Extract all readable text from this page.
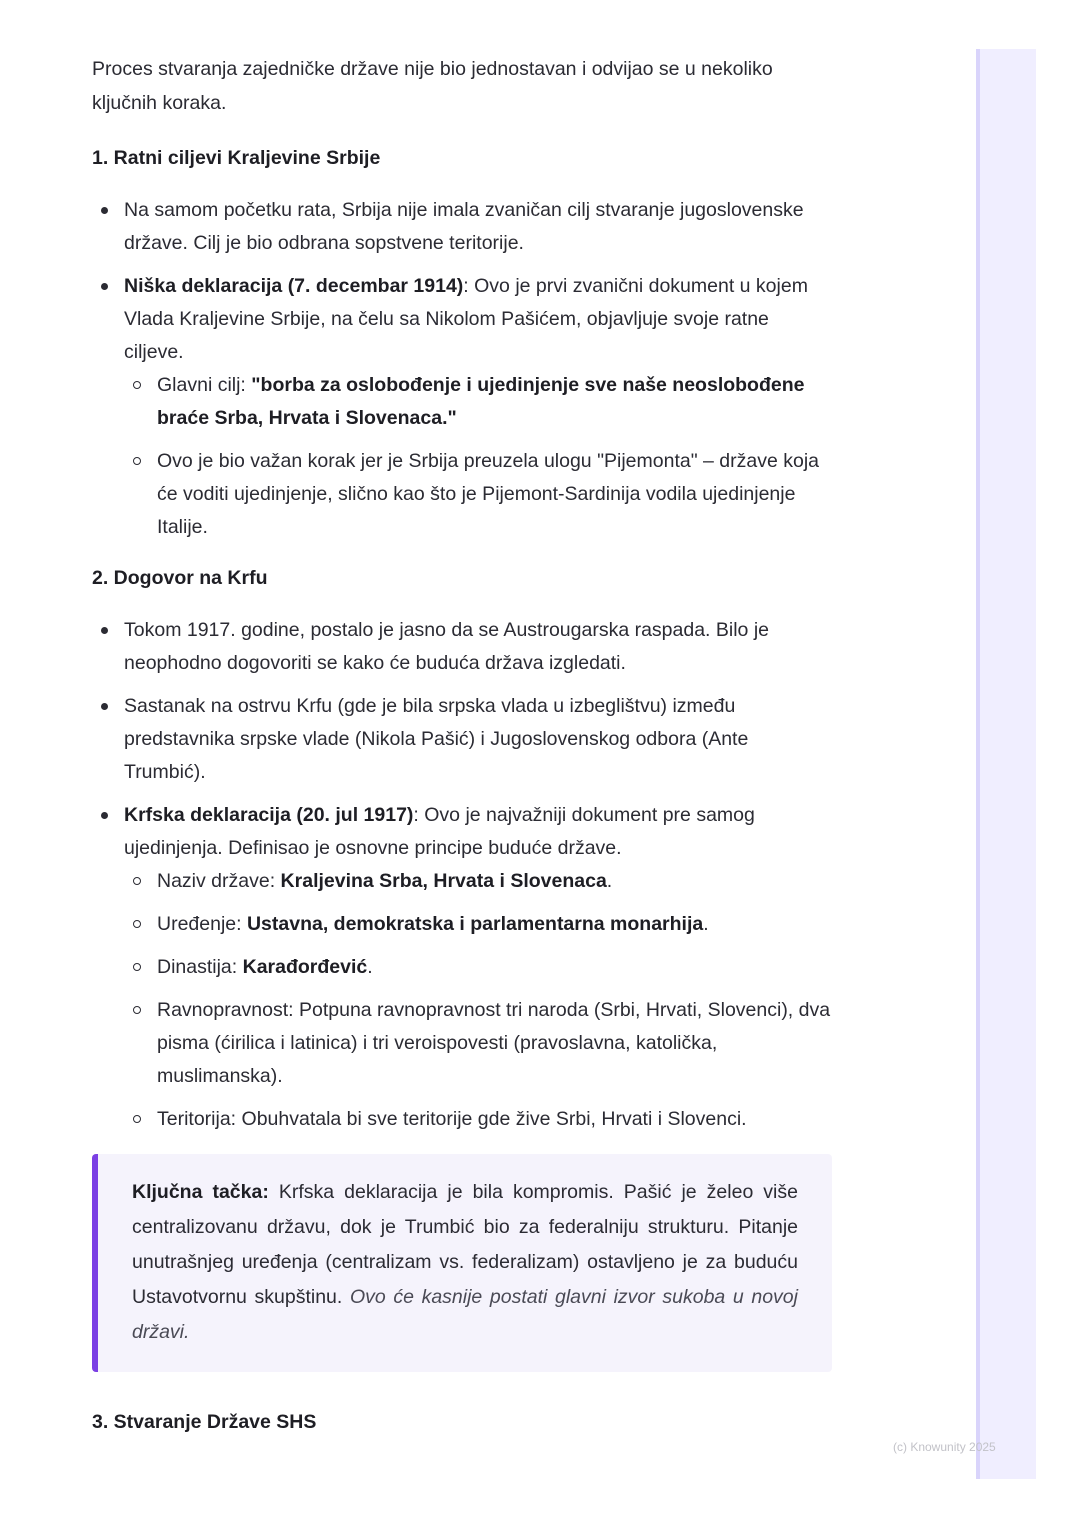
Proces stvaranja zajedničke države nije bio jednostavan i odvijao se u nekoliko ključnih koraka.

1. Ratni ciljevi Kraljevine Srbije
Na samom početku rata, Srbija nije imala zvaničan cilj stvaranje jugoslovenske države. Cilj je bio odbrana sopstvene teritorije.
Niška deklaracija (7. decembar 1914): Ovo je prvi zvanični dokument u kojem Vlada Kraljevine Srbije, na čelu sa Nikolom Pašićem, objavljuje svoje ratne ciljeve.
Glavni cilj: "borba za oslobođenje i ujedinjenje sve naše neoslobođene braće Srba, Hrvata i Slovenaca."
Ovo je bio važan korak jer je Srbija preuzela ulogu "Pijemonta" – države koja će voditi ujedinjenje, slično kao što je Pijemont-Sardinija vodila ujedinjenje Italije.
2. Dogovor na Krfu
Tokom 1917. godine, postalo je jasno da se Austrougarska raspada. Bilo je neophodno dogovoriti se kako će buduća država izgledati.
Sastanak na ostrvu Krfu (gde je bila srpska vlada u izbeglištvu) između predstavnika srpske vlade (Nikola Pašić) i Jugoslovenskog odbora (Ante Trumbić).
Krfska deklaracija (20. jul 1917): Ovo je najvažniji dokument pre samog ujedinjenja. Definisao je osnovne principe buduće države.
Naziv države: Kraljevina Srba, Hrvata i Slovenaca.
Uređenje: Ustavna, demokratska i parlamentarna monarhija.
Dinastija: Karađorđević.
Ravnopravnost: Potpuna ravnopravnost tri naroda (Srbi, Hrvati, Slovenci), dva pisma (ćirilica i latinica) i tri veroispovesti (pravoslavna, katolička, muslimanska).
Teritorija: Obuhvatala bi sve teritorije gde žive Srbi, Hrvati i Slovenci.
Ključna tačka: Krfska deklaracija je bila kompromis. Pašić je želeo više centralizovanu državu, dok je Trumbić bio za federalniju strukturu. Pitanje unutrašnjeg uređenja (centralizam vs. federalizam) ostavljeno je za buduću Ustavotvornu skupštinu. Ovo će kasnije postati glavni izvor sukoba u novoj državi.
3. Stvaranje Države SHS
(c) Knowunity 2025
